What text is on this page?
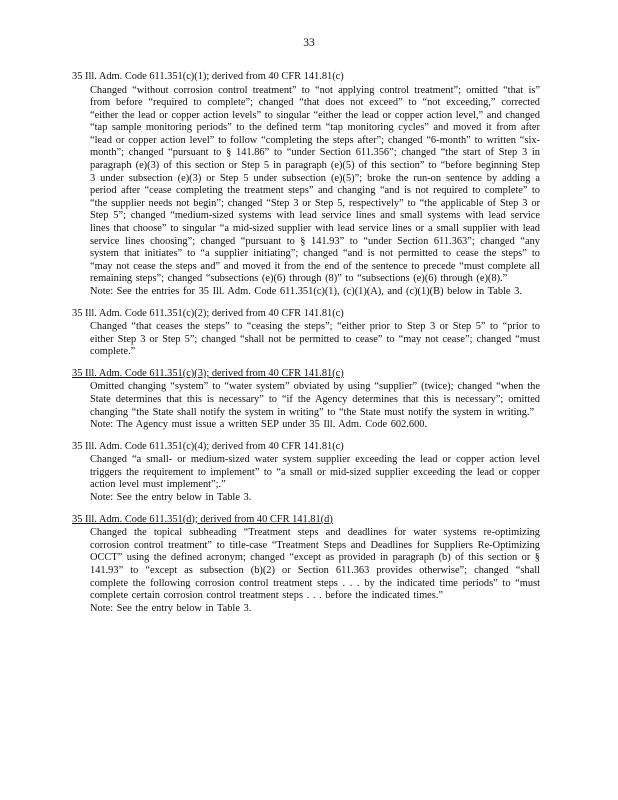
33
35 Ill. Adm. Code 611.351(c)(1); derived from 40 CFR 141.81(c)

Changed “without corrosion control treatment” to “not applying control treatment”; omitted “that is” from before “required to complete”; changed “that does not exceed” to “not exceeding,” corrected “either the lead or copper action levels” to singular “either the lead or copper action level,” and changed “tap sample monitoring periods” to the defined term “tap monitoring cycles” and moved it from after “lead or copper action level” to follow “completing the steps after”; changed “6-month” to written “six-month”; changed “pursuant to § 141.86” to “under Section 611.356”; changed “the start of Step 3 in paragraph (e)(3) of this section or Step 5 in paragraph (e)(5) of this section” to “before beginning Step 3 under subsection (e)(3) or Step 5 under subsection (e)(5)”; broke the run-on sentence by adding a period after “cease completing the treatment steps” and changing “and is not required to complete” to “the supplier needs not begin”; changed “Step 3 or Step 5, respectively” to “the applicable of Step 3 or Step 5”; changed “medium-sized systems with lead service lines and small systems with lead service lines that choose” to singular “a mid-sized supplier with lead service lines or a small supplier with lead service lines choosing”; changed “pursuant to § 141.93” to “under Section 611.363”; changed “any system that initiates” to “a supplier initiating”; changed “and is not permitted to cease the steps” to “may not cease the steps and” and moved it from the end of the sentence to precede “must complete all remaining steps”; changed “subsections (e)(6) through (8)” to “subsections (e)(6) through (e)(8).”

Note: See the entries for 35 Ill. Adm. Code 611.351(c)(1), (c)(1)(A), and (c)(1)(B) below in Table 3.

35 Ill. Adm. Code 611.351(c)(2); derived from 40 CFR 141.81(c)

Changed “that ceases the steps” to “ceasing the steps”; “either prior to Step 3 or Step 5” to “prior to either Step 3 or Step 5”; changed “shall not be permitted to cease” to “may not cease”; changed “must complete.”

35 Ill. Adm. Code 611.351(c)(3); derived from 40 CFR 141.81(c)

Omitted changing “system” to “water system” obviated by using “supplier” (twice); changed “when the State determines that this is necessary” to “if the Agency determines that this is necessary”; omitted changing “the State shall notify the system in writing” to “the State must notify the system in writing.”

Note: The Agency must issue a written SEP under 35 Ill. Adm. Code 602.600.

35 Ill. Adm. Code 611.351(c)(4); derived from 40 CFR 141.81(c)

Changed “a small- or medium-sized water system supplier exceeding the lead or copper action level triggers the requirement to implement” to “a small or mid-sized supplier exceeding the lead or copper action level must implement”;.”

Note: See the entry below in Table 3.

35 Ill. Adm. Code 611.351(d); derived from 40 CFR 141.81(d)

Changed the topical subheading “Treatment steps and deadlines for water systems re-optimizing corrosion control treatment” to title-case “Treatment Steps and Deadlines for Suppliers Re-Optimizing OCCT” using the defined acronym; changed “except as provided in paragraph (b) of this section or § 141.93” to “except as subsection (b)(2) or Section 611.363 provides otherwise”; changed “shall complete the following corrosion control treatment steps . . . by the indicated time periods” to “must complete certain corrosion control treatment steps . . . before the indicated times.”

Note: See the entry below in Table 3.
